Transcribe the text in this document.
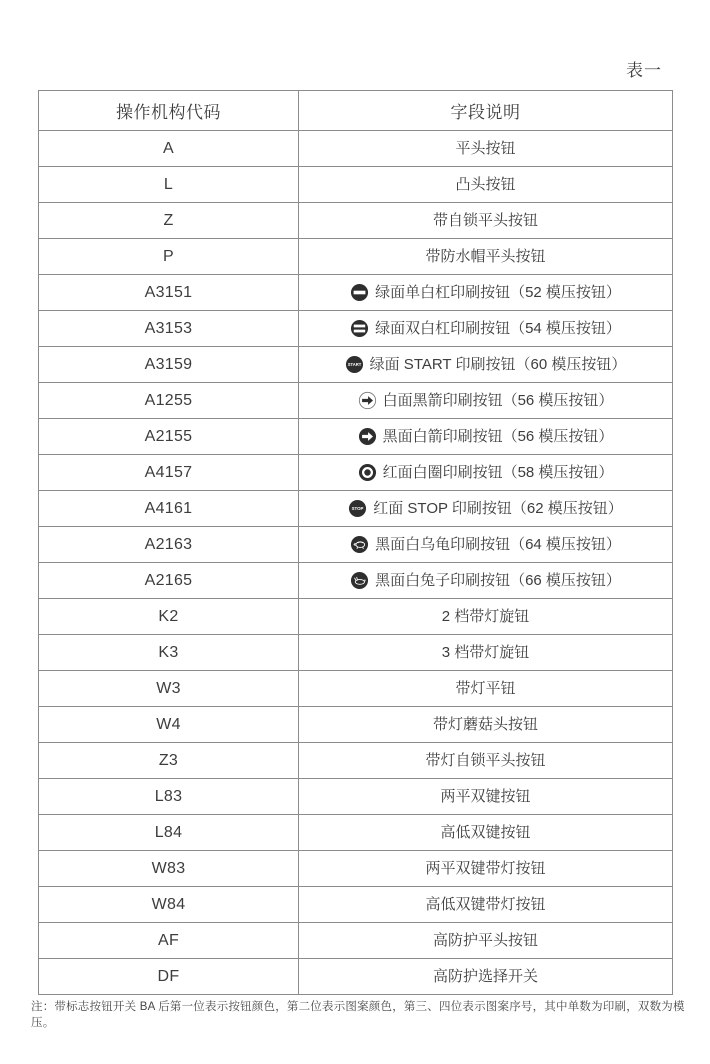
表一
操作机构代码	字段说明
A	平头按钮

L	凸头按钮

Z	带自锁平头按钮

P	带防水帽平头按钮

A3151	绿面单白杠印刷按钮（52 模压按钮）

A3153	绿面双白杠印刷按钮（54 模压按钮）

A3159	START 绿面 START 印刷按钮（60 模压按钮）

A1255	白面黑箭印刷按钮（56 模压按钮）

A2155	黑面白箭印刷按钮（56 模压按钮）

A4157	红面白圈印刷按钮（58 模压按钮）

A4161	STOP 红面 STOP 印刷按钮（62 模压按钮）

A2163	黑面白乌龟印刷按钮（64 模压按钮）

A2165	黑面白兔子印刷按钮（66 模压按钮）

K2	2 档带灯旋钮

K3	3 档带灯旋钮

W3	带灯平钮

W4	带灯蘑菇头按钮

Z3	带灯自锁平头按钮

L83	两平双键按钮

L84	高低双键按钮

W83	两平双键带灯按钮

W84	高低双键带灯按钮

AF	高防护平头按钮

DF	高防护选择开关
注：带标志按钮开关 BA 后第一位表示按钮颜色，第二位表示图案颜色，第三、四位表示图案序号，其中单数为印刷，双数为模压。
